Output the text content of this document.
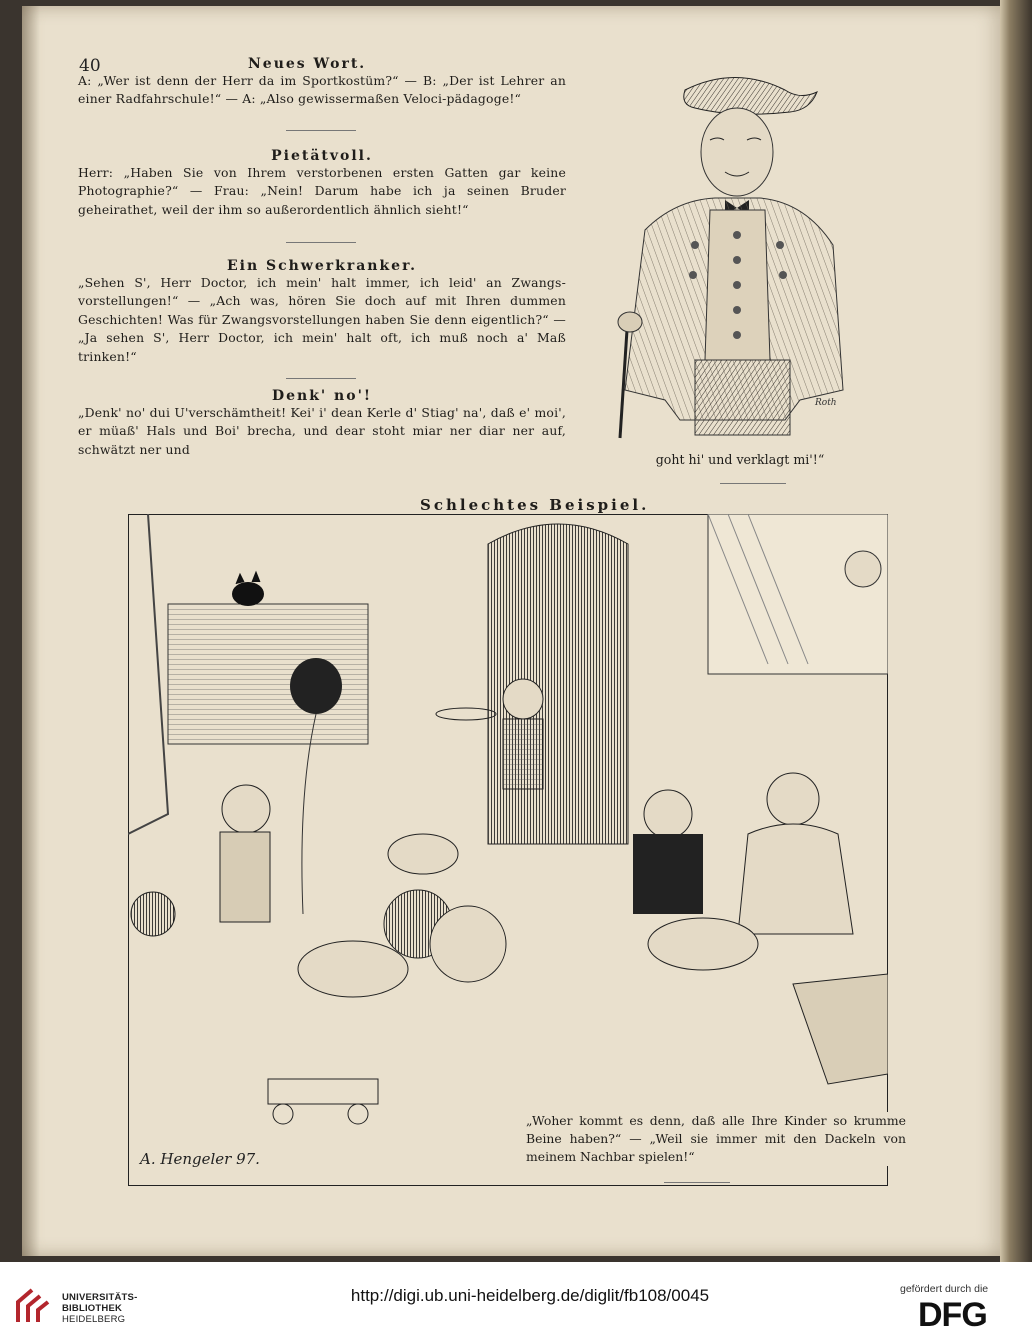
40	Neues Wort.
A: „Wer ist denn der Herr da im Sportkostüm?“ — B: „Der ist Lehrer an einer Radfahrschule!“ — A: „Also gewissermaßen Veloci-pädagoge!“
Pietätvoll.
Herr: „Haben Sie von Ihrem verstorbenen ersten Gatten gar keine Photographie?“ — Frau: „Nein! Darum habe ich ja seinen Bruder geheirathet, weil der ihm so außerordentlich ähnlich sieht!“
Ein Schwerkranker.
„Sehen S', Herr Doctor, ich mein' halt immer, ich leid' an Zwangs-vorstellungen!“ — „Ach was, hören Sie doch auf mit Ihren dummen Geschichten! Was für Zwangsvorstellungen haben Sie denn eigentlich?“ — „Ja sehen S', Herr Doctor, ich mein' halt oft, ich muß noch a' Maß trinken!“
Denk' no'!
„Denk' no' dui U'verschämtheit! Kei' i' dean Kerle d' Stiag' na', daß e' moi', er müaß' Hals und Boi' brecha, und dear stoht miar ner diar ner auf, schwätzt ner und
Roth
goht hi' und verklagt mi'!“
Schlechtes Beispiel.
A. Hengeler 97.
„Woher kommt es denn, daß alle Ihre Kinder so krumme Beine haben?“ — „Weil sie immer mit den Dackeln von meinem Nachbar spielen!“
UNIVERSITÄTS-
BIBLIOTHEK
HEIDELBERG
http://digi.ub.uni-heidelberg.de/diglit/fb108/0045	gefördert durch die
DFG
